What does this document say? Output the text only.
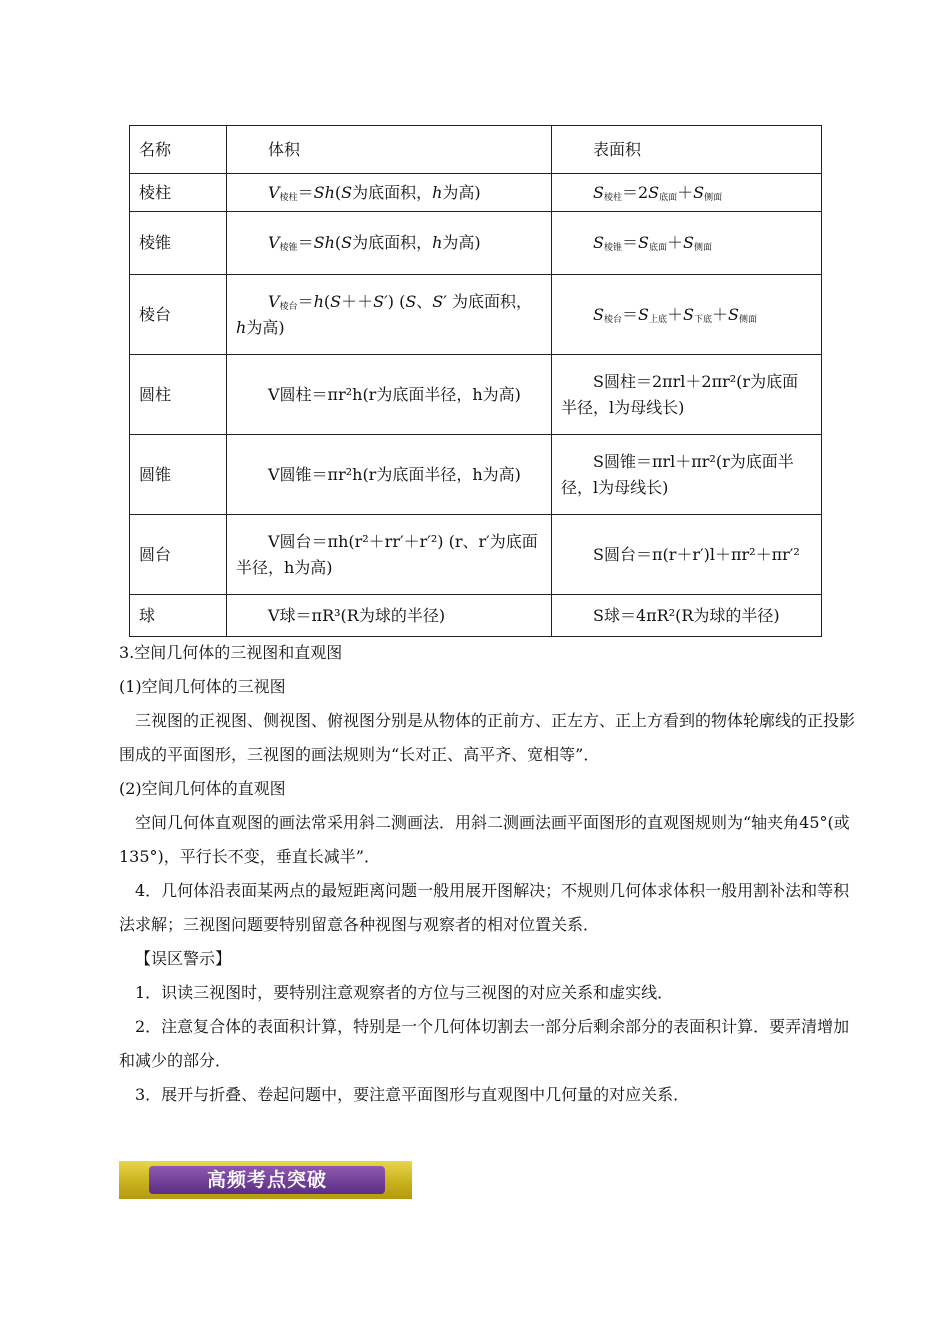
名称	体积	表面积

棱柱	$V_{棱柱}=Sh(S$为底面积，h为高)	$S_{棱柱}=2S_{底面}+S_{侧面}$

棱锥	$V_{棱锥}=Sh(S$为底面积，h为高)	$S_{棱锥}=S_{底面}+S_{侧面}$

棱台	$V_{棱台}=h(S++S')$ (S、S′ 为底面积，h为高)	$S_{棱台}=S_{上底}+S_{下底}+S_{侧面}$

圆柱	V圆柱＝πr²h(r为底面半径，h为高)	S圆柱＝2πrl＋2πr²(r为底面半径，l为母线长)

圆锥	V圆锥＝πr²h(r为底面半径，h为高)	S圆锥＝πrl＋πr²(r为底面半径，l为母线长)

圆台	V圆台＝πh(r²＋rr′＋r′²) (r、r′为底面半径，h为高)	S圆台＝π(r＋r′)l＋πr²＋πr′²

球	V球＝πR³(R为球的半径)	S球＝4πR²(R为球的半径)

3.空间几何体的三视图和直观图

(1)空间几何体的三视图

三视图的正视图、侧视图、俯视图分别是从物体的正前方、正左方、正上方看到的物体轮廓线的正投影围成的平面图形，三视图的画法规则为“长对正、高平齐、宽相等”．

(2)空间几何体的直观图

空间几何体直观图的画法常采用斜二测画法．用斜二测画法画平面图形的直观图规则为“轴夹角45°(或135°)，平行长不变，垂直长减半”．

4．几何体沿表面某两点的最短距离问题一般用展开图解决；不规则几何体求体积一般用割补法和等积法求解；三视图问题要特别留意各种视图与观察者的相对位置关系．

【误区警示】

1．识读三视图时，要特别注意观察者的方位与三视图的对应关系和虚实线．

2．注意复合体的表面积计算，特别是一个几何体切割去一部分后剩余部分的表面积计算．要弄清增加和减少的部分．

3．展开与折叠、卷起问题中，要注意平面图形与直观图中几何量的对应关系．

高频考点突破
